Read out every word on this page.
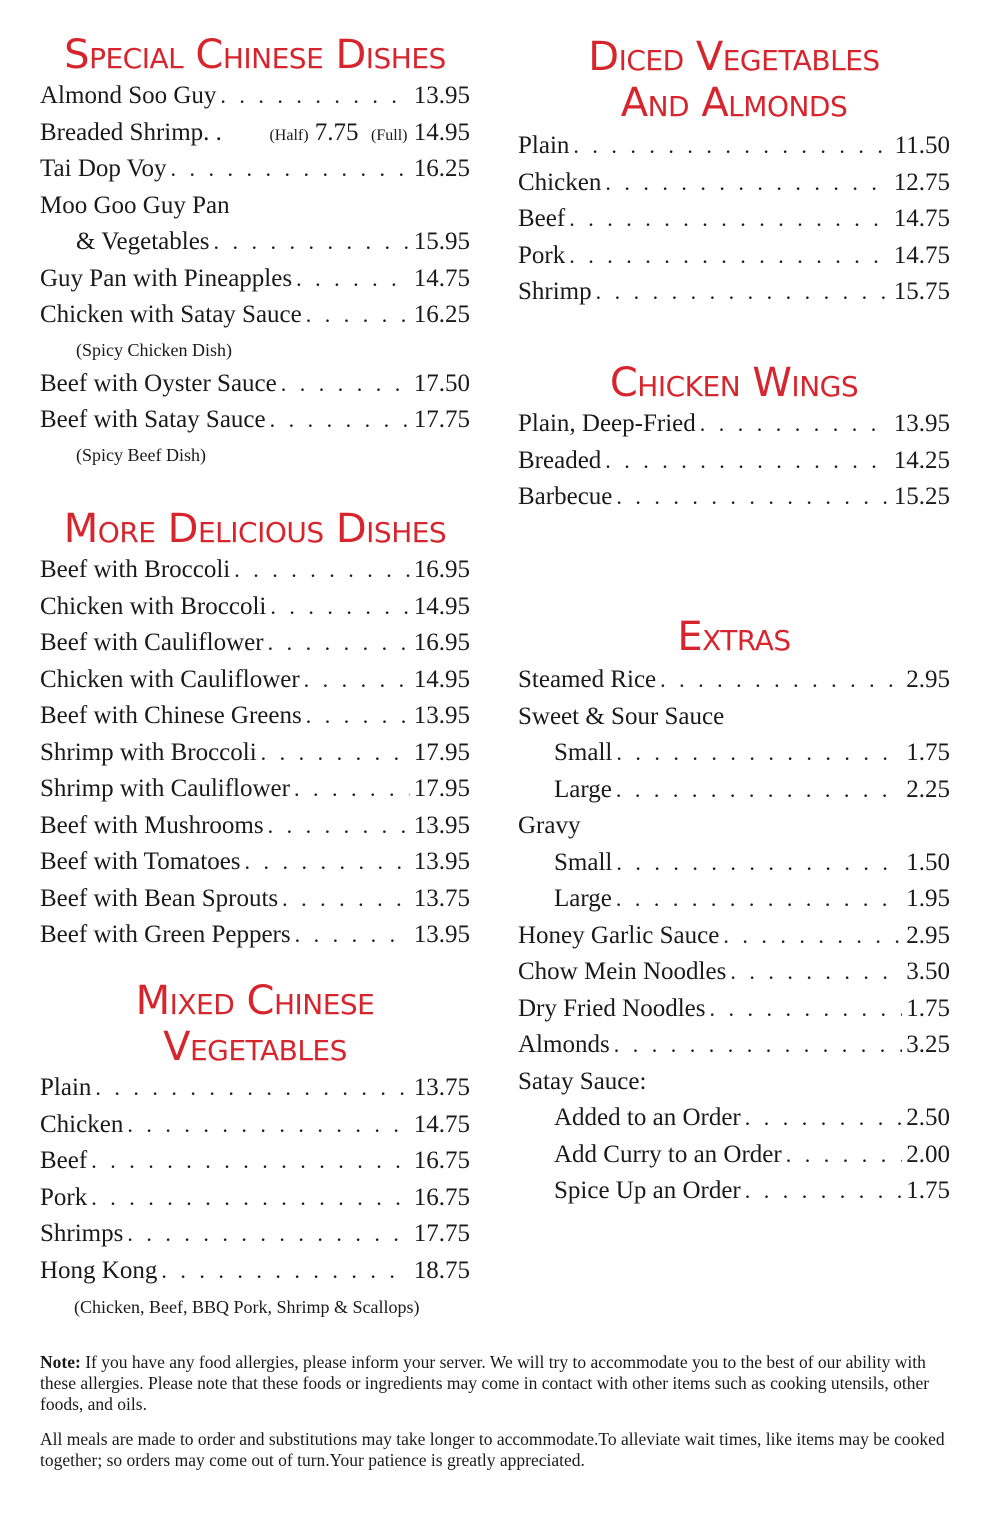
Special Chinese Dishes
Almond Soo Guy . . .	13.95
Breaded Shrimp. .	(Half) 7.75 (Full) 14.95
Tai Dop Voy . . .	16.25
Moo Goo Guy Pan
& Vegetables . . .	15.95
Guy Pan with Pineapples . . .	14.75
Chicken with Satay Sauce . . .	16.25
(Spicy Chicken Dish)
Beef with Oyster Sauce . . .	17.50
Beef with Satay Sauce . . .	17.75
(Spicy Beef Dish)
More Delicious Dishes
Beef with Broccoli . . .	16.95
Chicken with Broccoli . . .	14.95
Beef with Cauliflower . . .	16.95
Chicken with Cauliflower . . .	14.95
Beef with Chinese Greens . . .	13.95
Shrimp with Broccoli . . .	17.95
Shrimp with Cauliflower . . .	17.95
Beef with Mushrooms . . .	13.95
Beef with Tomatoes . . .	13.95
Beef with Bean Sprouts . . .	13.75
Beef with Green Peppers . . .	13.95
Mixed Chinese
Vegetables
Plain . . .	13.75
Chicken . . .	14.75
Beef . . .	16.75
Pork . . .	16.75
Shrimps . . .	17.75
Hong Kong . . .	18.75
(Chicken, Beef, BBQ Pork, Shrimp & Scallops)
Diced Vegetables
And Almonds
Plain . . .	11.50
Chicken . . .	12.75
Beef . . .	14.75
Pork . . .	14.75
Shrimp . . .	15.75
Chicken Wings
Plain, Deep-Fried . . .	13.95
Breaded . . .	14.25
Barbecue . . .	15.25
Extras
Steamed Rice . . .	2.95
Sweet & Sour Sauce
Small . . .	1.75
Large . . .	2.25
Gravy
Small . . .	1.50
Large . . .	1.95
Honey Garlic Sauce . . .	2.95
Chow Mein Noodles . . .	3.50
Dry Fried Noodles . . .	1.75
Almonds . . .	3.25
Satay Sauce:
Added to an Order . . .	2.50
Add Curry to an Order . . .	2.00
Spice Up an Order . . .	1.75

Note: If you have any food allergies, please inform your server. We will try to accommodate you to the best of our ability with these allergies. Please note that these foods or ingredients may come in contact with other items such as cooking utensils, other foods, and oils.

All meals are made to order and substitutions may take longer to accommodate.To alleviate wait times, like items may be cooked together; so orders may come out of turn.Your patience is greatly appreciated.
